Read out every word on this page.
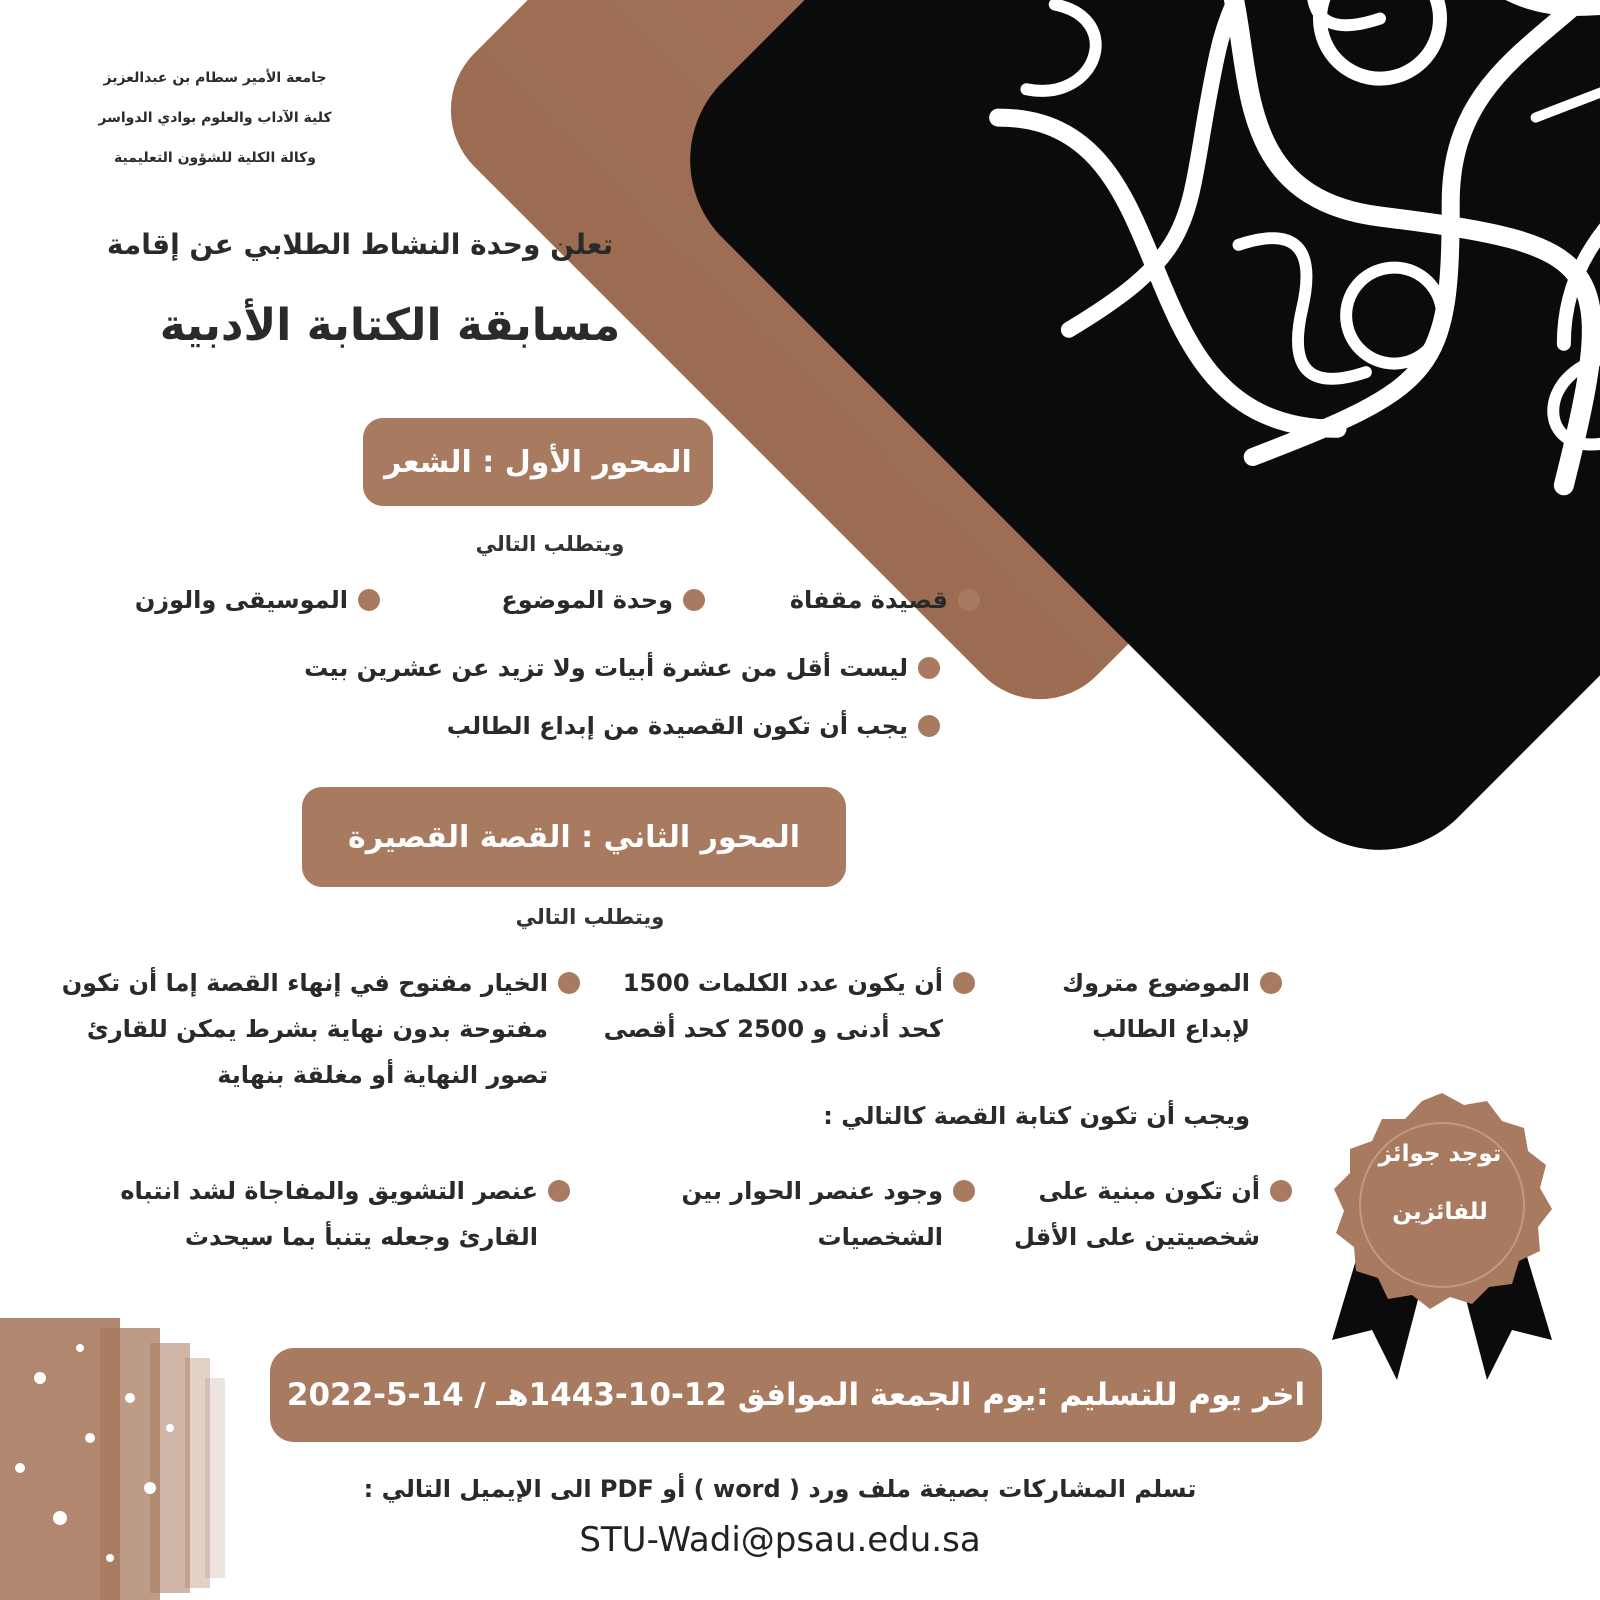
جامعة الأمير سطام بن عبدالعزيز
كلية الآداب والعلوم بوادي الدواسر
وكالة الكلية للشؤون التعليمية
تعلن وحدة النشاط الطلابي عن إقامة
مسابقة الكتابة الأدبية
المحور الأول : الشعر
ويتطلب التالي
قصيدة مقفاة
وحدة الموضوع
الموسيقى والوزن
ليست أقل من عشرة أبيات ولا تزيد عن عشرين بيت
يجب أن تكون القصيدة من إبداع الطالب
المحور الثاني : القصة القصيرة
ويتطلب التالي
الموضوع متروك
لإبداع الطالب
أن يكون عدد الكلمات 1500
كحد أدنى و 2500 كحد أقصى
الخيار مفتوح في إنهاء القصة إما أن تكون
مفتوحة بدون نهاية بشرط يمكن للقارئ
تصور النهاية أو مغلقة بنهاية
ويجب أن تكون كتابة القصة كالتالي :
أن تكون مبنية على
شخصيتين على الأقل
وجود عنصر الحوار بين
الشخصيات
عنصر التشويق والمفاجاة لشد انتباه
القارئ وجعله يتنبأ بما سيحدث
توجد جوائز
للفائزين
اخر يوم للتسليم :يوم الجمعة الموافق 12-10-1443هـ / 14-5-2022
تسلم المشاركات بصيغة ملف ورد ( word ) أو PDF الى الإيميل التالي :
STU-Wadi@psau.edu.sa
